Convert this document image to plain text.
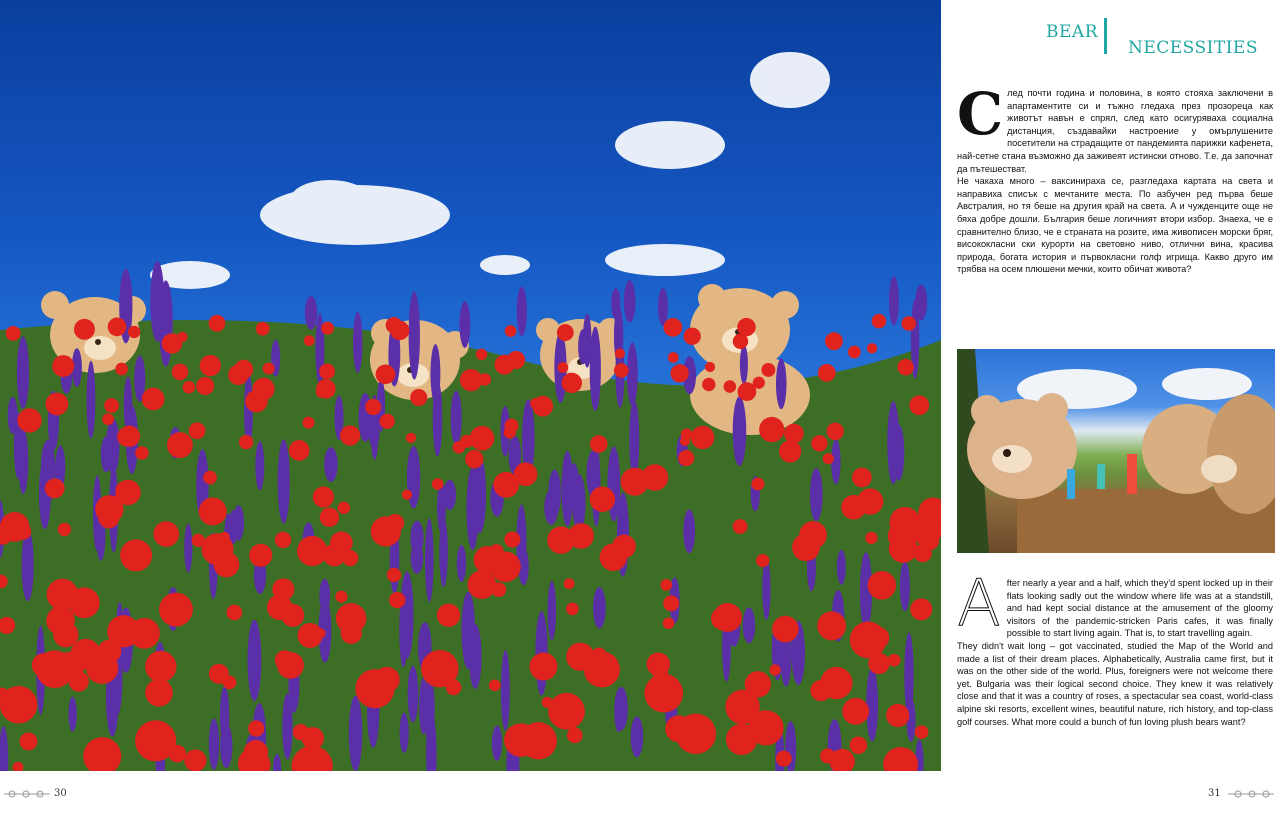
BEAR
NECESSITIES

След почти година и половина, в която стояха заключени в апартаментите си и тъжно гледаха през прозореца как животът навън е спрял, след като осигуряваха социална дистанция, създавайки настроение у омърлушените посетители на страдащите от пандемията парижки кафенета, най-сетне стана възможно да заживеят истински отново. Т.е. да започнат да пътешестват.

Не чакаха много – ваксинираха се, разгледаха картата на света и направиха списък с мечтаните места. По азбучен ред първа беше Австралия, но тя беше на другия край на света. А и чужденците още не бяха добре дошли. България беше логичният втори избор. Знаеха, че е сравнително близо, че е страната на розите, има живописен морски бряг, висококласни ски курорти на световно ниво, отлични вина, красива природа, богата история и първокласни голф игрища. Какво друго им трябва на осем плюшени мечки, които обичат живота?

After nearly a year and a half, which they'd spent locked up in their flats looking sadly out the window where life was at a standstill, and had kept social distance at the amusement of the gloomy visitors of the pandemic-stricken Paris cafes, it was finally possible to start living again. That is, to start travelling again.

They didn't wait long – got vaccinated, studied the Map of the World and made a list of their dream places. Alphabetically, Australia came first, but it was on the other side of the world. Plus, foreigners were not welcome there yet. Bulgaria was their logical second choice. They knew it was relatively close and that it was a country of roses, a spectacular sea coast, world-class alpine ski resorts, excellent wines, beautiful nature, rich history, and top-class golf courses. What more could a bunch of fun loving plush bears want?

30	31
